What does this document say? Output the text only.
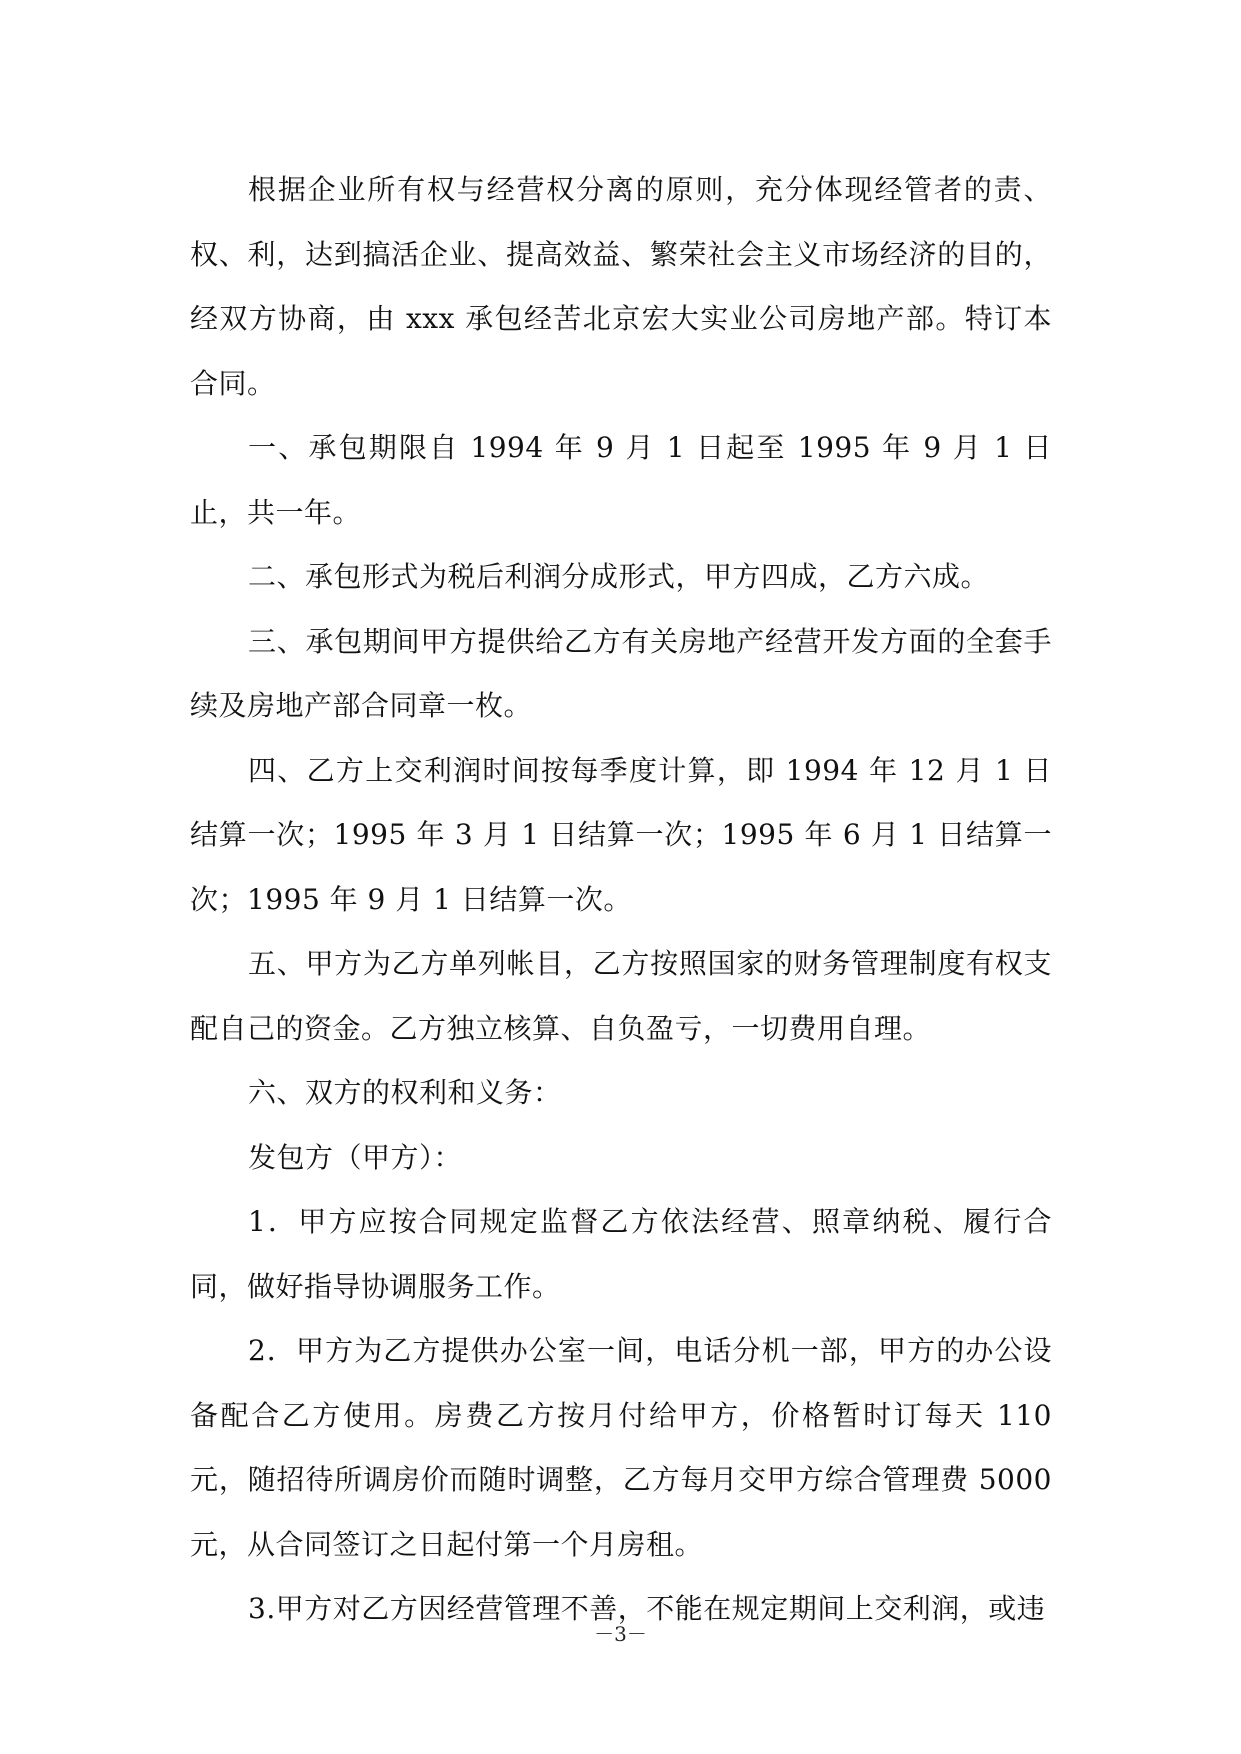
根据企业所有权与经营权分离的原则，充分体现经管者的责、权、利，达到搞活企业、提高效益、繁荣社会主义市场经济的目的，经双方协商，由 xxx 承包经苦北京宏大实业公司房地产部。特订本合同。

一、承包期限自 1994 年 9 月 1 日起至 1995 年 9 月 1 日止，共一年。

二、承包形式为税后利润分成形式，甲方四成，乙方六成。

三、承包期间甲方提供给乙方有关房地产经营开发方面的全套手续及房地产部合同章一枚。

四、乙方上交利润时间按每季度计算，即 1994 年 12 月 1 日结算一次；1995 年 3 月 1 日结算一次；1995 年 6 月 1 日结算一次；1995 年 9 月 1 日结算一次。

五、甲方为乙方单列帐目，乙方按照国家的财务管理制度有权支配自己的资金。乙方独立核算、自负盈亏，一切费用自理。

六、双方的权利和义务：

发包方（甲方）：

1．甲方应按合同规定监督乙方依法经营、照章纳税、履行合同，做好指导协调服务工作。

2．甲方为乙方提供办公室一间，电话分机一部，甲方的办公设备配合乙方使用。房费乙方按月付给甲方，价格暂时订每天 110 元，随招待所调房价而随时调整，乙方每月交甲方综合管理费 5000 元，从合同签订之日起付第一个月房租。

3.甲方对乙方因经营管理不善，不能在规定期间上交利润，或违

－3－
